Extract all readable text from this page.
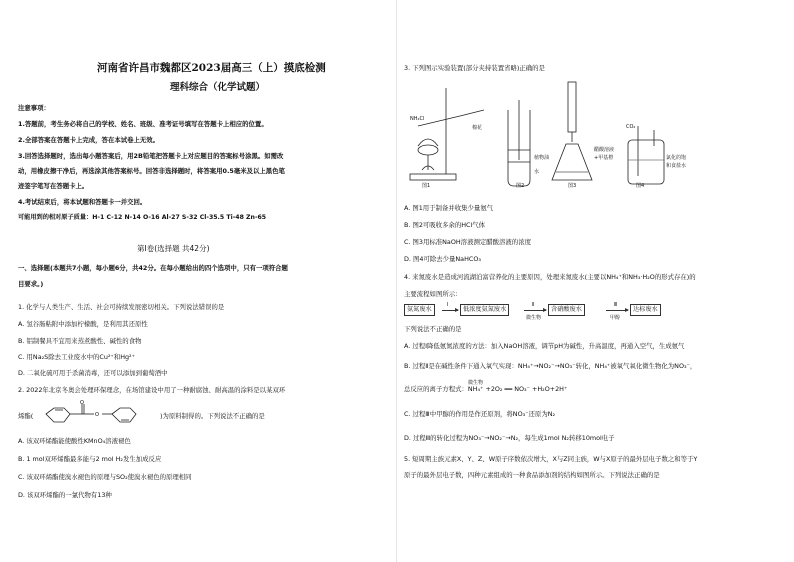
河南省许昌市魏都区2023届高三（上）摸底检测
理科综合（化学试题）
注意事项：
1.答题前，考生务必将自己的学校、姓名、班级、准考证号填写在答题卡上相应的位置。
2.全部答案在答题卡上完成，答在本试卷上无效。
3.回答选择题时，选出每小题答案后，用2B铅笔把答题卡上对应题目的答案标号涂黑。如需改
动，用橡皮擦干净后，再选涂其他答案标号。回答非选择题时，将答案用0.5毫米及以上黑色笔
迹签字笔写在答题卡上。
4.考试结束后，将本试题和答题卡一并交回。
可能用到的相对原子质量：H-1 C-12 N-14 O-16 Al-27 S-32 Cl-35.5 Ti-48 Zn-65
第Ⅰ卷(选择题 共42分)
一、选择题(本题共7小题，每小题6分，共42分。在每小题给出的四个选项中，只有一项符合题
目要求。)
1. 化学与人类生产、生活、社会可持续发展密切相关。下列说法错误的是
A. 氢谷肠粘附中添加柠檬酸，是利用其还原性
B. 铝制餐具不宜用来蒸煮酸性、碱性的食物
C. 用Na₂S除去工业废水中的Cu²⁺和Hg²⁺
D. 二氧化硫可用于杀菌消毒，还可以添加到葡萄酒中
2. 2022年北京冬奥会处理环保理念，在场馆建设中用了一种耐腐蚀、耐高温的涂料是以某双环
烯酯(
O
O	)为原料制得的。下列说法不正确的是
A. 该双环烯酯能使酸性KMnO₄溶液褪色
B. 1 mol双环烯酯最多能与2 mol H₂发生加成反应
C. 该双环烯酯使溴水褪色的原理与SO₂使溴水褪色的原理相同
D. 该双环烯酯的一氯代物有13种
3. 下列图示实验装置(部分夹持装置省略)正确的是
NH₄Cl
棉花
植物油
水
醋酸溶液
+甲基橙
CO₂
氯化的饱
和食盐水
图1	图2	图3	图4
A. 图1用于制备并收集少量氨气
B. 图2可吸收多余的HCl气体
C. 图3用标准NaOH溶液测定醋酸溶液的浓度
D. 图4可除去少量NaHCO₃
4. 来氮废水是造成河流湖泊富营养化的主要原因，处理来氮废水(主要以NH₄⁺和NH₃·H₂O的形式存在)的
主要流程如图所示：
氨氮废水
Ⅰ
低浓度氨氮废水
Ⅱ
微生物
含硝酸废水
Ⅲ
甲醇
达标废水
下列说法不正确的是
A. 过程Ⅰ降低氨氮浓度的方法：加入NaOH溶液，调节pH为碱性，升高温度，再通入空气，生成氨气
B. 过程Ⅱ是在碱性条件下通入氧气实现：NH₄⁺→NO₂⁻→NO₃⁻转化，NH₄⁺被氧气氧化微生物化为NO₃⁻，
微生物
总反应的离子方程式：NH₄⁺ +2O₂ ══ NO₃⁻ +H₂O+2H⁺
C. 过程Ⅲ中甲醇的作用是作还原剂，将NO₃⁻还原为N₂
D. 过程Ⅲ的转化过程为NO₃⁻→NO₂⁻→N₂，每生成1mol N₂转移10mol电子
5. 短周期主族元素X、Y、Z、W原子序数依次增大，X与Z同主族，W与X原子的最外层电子数之和等于Y
原子的最外层电子数，四种元素组成的一种食品添加剂的结构如图所示。下列说法正确的是
